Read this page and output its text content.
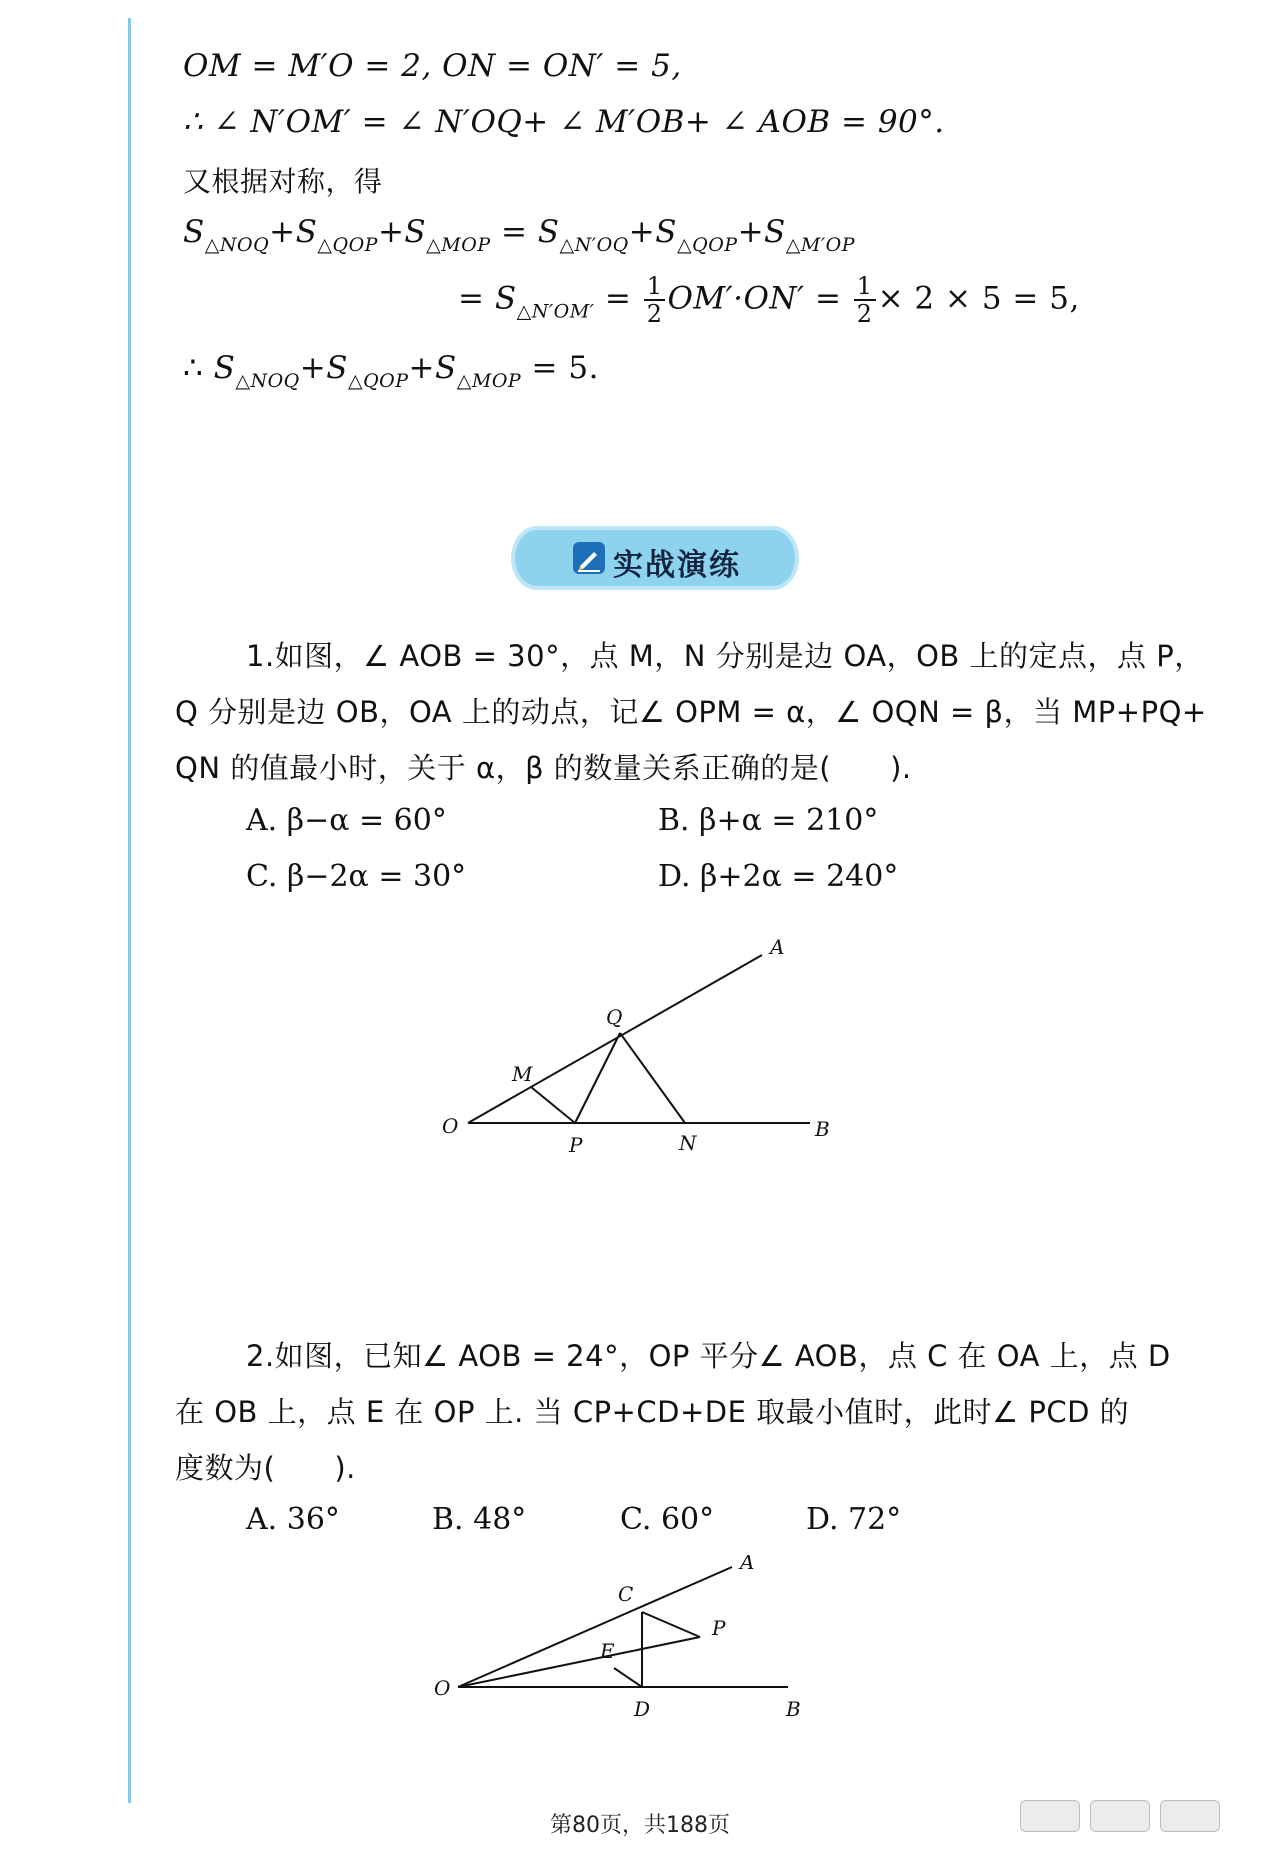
OM = M′O = 2, ON = ON′ = 5,
∴ ∠ N′OM′ = ∠ N′OQ+ ∠ M′OB+ ∠ AOB = 90°.
又根据对称，得
$S_{\triangle NOQ}+S_{\triangle QOP}+S_{\triangle MOP} = S_{\triangle N'OQ}+S_{\triangle QOP}+S_{\triangle M'OP}$
= $S_{\triangle N'OM'} = \frac{1}{2} OM'\cdot ON' = \frac{1}{2} \times 2 \times 5 = 5$,
∴ $S_{\triangle NOQ}+S_{\triangle QOP}+S_{\triangle MOP} = 5$.
实战演练
1.如图，∠ AOB = 30°，点 M，N 分别是边 OA，OB 上的定点，点 P，
Q 分别是边 OB，OA 上的动点，记∠ OPM = α，∠ OQN = β，当 MP+PQ+
QN 的值最小时，关于 α，β 的数量关系正确的是(　　).
A. β−α = 60°	B. β+α = 210°
C. β−2α = 30°	D. β+2α = 240°
A
Q
M
O
P	N
B
2.如图，已知∠ AOB = 24°，OP 平分∠ AOB，点 C 在 OA 上，点 D
在 OB 上，点 E 在 OP 上. 当 CP+CD+DE 取最小值时，此时∠ PCD 的
度数为(　　).
A. 36°	B. 48°	C. 60°	D. 72°
A
C
P
E
O
D	B
第80页，共188页
